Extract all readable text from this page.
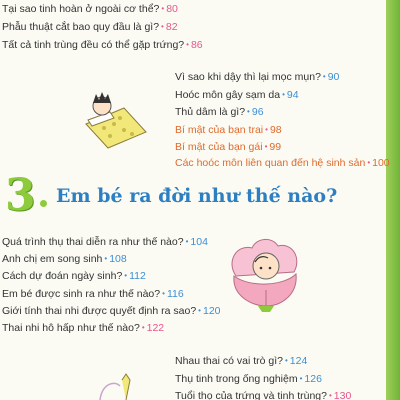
Tại sao tinh hoàn ở ngoài cơ thể? • 80
Phẫu thuật cắt bao quy đầu là gì? • 82
Tất cả tinh trùng đều có thể gặp trứng? • 86
Vì sao khi dậy thì lại mọc mụn? • 90
Hoóc môn gây sạm da • 94
Thủ dâm là gì? • 96
Bí mật của bạn trai • 98
Bí mật của bạn gái • 99
Các hoóc môn liên quan đến hệ sinh sản • 100
3 Em bé ra đời như thế nào?
Quá trình thụ thai diễn ra như thế nào? • 104
Anh chị em song sinh • 108
Cách dự đoán ngày sinh? • 112
Em bé được sinh ra như thế nào? • 116
Giới tính thai nhi được quyết định ra sao? • 120
Thai nhi hô hấp như thế nào? • 122
Nhau thai có vai trò gì? • 124
Thụ tinh trong ống nghiệm • 126
Tuổi thọ của trứng và tinh trùng? • 130
